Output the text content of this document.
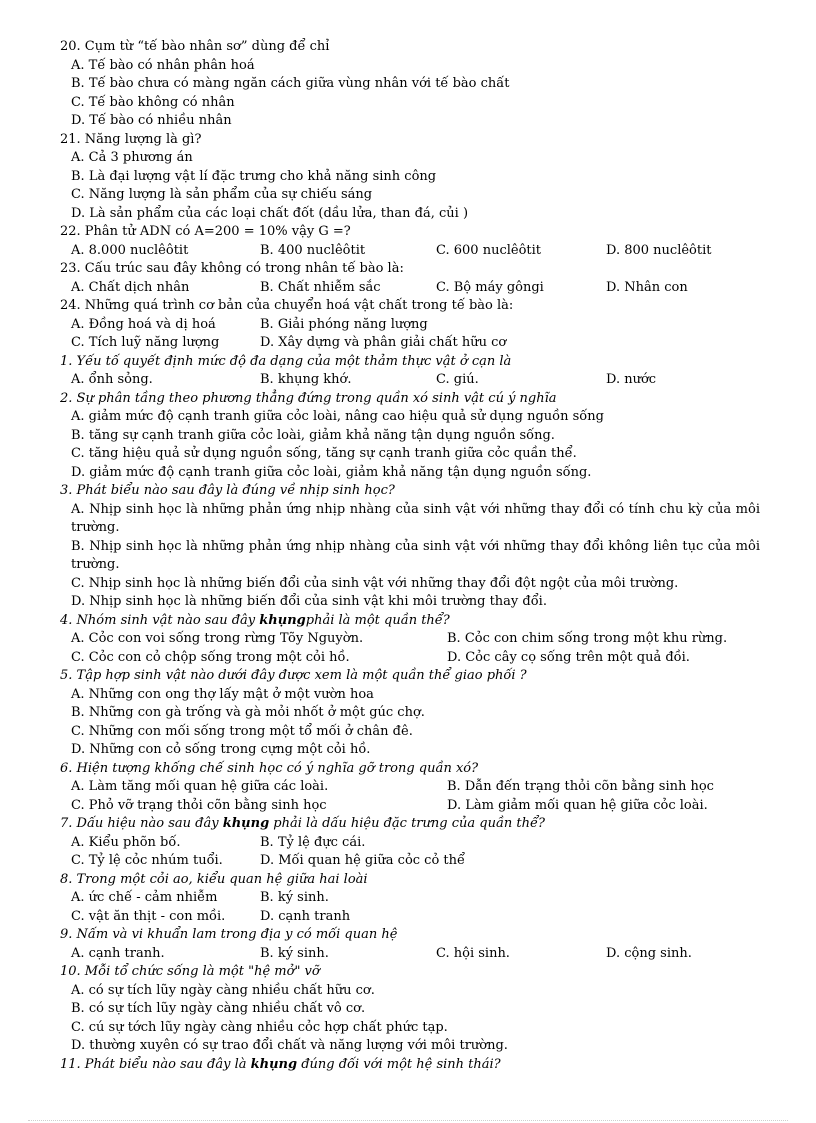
20. Cụm từ “tế bào nhân sơ” dùng để chỉ
A. Tế bào có nhân phân hoá
B. Tế bào chưa có màng ngăn cách giữa vùng nhân với tế bào chất
C. Tế bào không có nhân
D. Tế bào có nhiều nhân
21. Năng lượng là gì?
A. Cả 3 phương án
B. Là đại lượng vật lí đặc trưng cho khả năng sinh công
C. Năng lượng là sản phẩm của sự chiếu sáng
D. Là sản phẩm của các loại chất đốt (dầu lửa, than đá, củi )
22. Phân tử ADN có A=200 = 10% vậy G =?
A. 8.000 nuclêôtit	B. 400 nuclêôtit	C. 600 nuclêôtit	D. 800 nuclêôtit
23. Cấu trúc sau đây không có trong nhân tế bào là:
A. Chất dịch nhân	B. Chất nhiễm sắc	C. Bộ máy gôngi	D. Nhân con
24. Những quá trình cơ bản của chuyển hoá vật chất trong tế bào là:
A. Đồng hoá và dị hoá	B. Giải phóng năng lượng
C. Tích luỹ năng lượng	D. Xây dựng và phân giải chất hữu cơ
1. Yếu tố quyết định mức độ đa dạng của một thảm thực vật ở cạn là
A. ổnh sỏng.	B. khụng khớ.	C. giú.	D. nước
2. Sự phân tầng theo phương thẳng đứng trong quần xó sinh vật cú ý nghĩa
A. giảm mức độ cạnh tranh giữa cỏc loài, nâng cao hiệu quả sử dụng nguồn sống
B. tăng sự cạnh tranh giữa cỏc loài, giảm khả năng tận dụng nguồn sống.
C. tăng hiệu quả sử dụng nguồn sống, tăng sự cạnh tranh giữa cỏc quần thể.
D. giảm mức độ cạnh tranh giữa cỏc loài, giảm khả năng tận dụng nguồn sống.
3. Phát biểu nào sau đây là đúng về nhịp sinh học?
A. Nhịp sinh học là những phản ứng nhịp nhàng của sinh vật với những thay đổi có tính chu kỳ của môi trường.
B. Nhịp sinh học là những phản ứng nhịp nhàng của sinh vật với những thay đổi không liên tục của môi trường.
C. Nhịp sinh học là những biến đổi của sinh vật với những thay đổi đột ngột của môi trường.
D. Nhịp sinh học là những biến đổi của sinh vật khi môi trường thay đổi.
4. Nhóm sinh vật nào sau đây khụngphải là một quần thể?
A. Cỏc con voi sống trong rừng Tõy Nguyờn.	B. Cỏc con chim sống trong một khu rừng.
C. Cỏc con cỏ chộp sống trong một cỏi hồ.	D. Cỏc cây cọ sống trên một quả đồi.
5. Tập hợp sinh vật nào dưới đây được xem là một quần thể giao phối ?
A. Những con ong thợ lấy mật ở một vườn hoa
B. Những con gà trống và gà mỏi nhốt ở một gúc chợ.
C. Những con mối sống trong một tổ mối ở chân đê.
D. Những con cỏ sống trong cựng một cỏi hồ.
6. Hiện tượng khống chế sinh học có ý nghĩa gỡ trong quần xó?
A. Làm tăng mối quan hệ giữa các loài.	B. Dẫn đến trạng thỏi cõn bằng sinh học
C. Phỏ vỡ trạng thỏi cõn bằng sinh học	D. Làm giảm mối quan hệ giữa cỏc loài.
7. Dấu hiệu nào sau đây khụng phải là dấu hiệu đặc trưng của quần thể?
A. Kiểu phõn bố.	B. Tỷ lệ đực cái.
C. Tỷ lệ cỏc nhúm tuổi.	D. Mối quan hệ giữa cỏc cỏ thể
8. Trong một cỏi ao, kiểu quan hệ giữa hai loài
A. ức chế - cảm nhiễm	B. ký sinh.
C. vật ăn thịt - con mồi.	D. cạnh tranh
9. Nấm và vi khuẩn lam trong địa y có mối quan hệ
A. cạnh tranh.	B. ký sinh.	C. hội sinh.	D. cộng sinh.
10. Mỗi tổ chức sống là một "hệ mở" vỡ
A. có sự tích lũy ngày càng nhiều chất hữu cơ.
B. có sự tích lũy ngày càng nhiều chất vô cơ.
C. cú sự tớch lũy ngày càng nhiều cỏc hợp chất phức tạp.
D. thường xuyên có sự trao đổi chất và năng lượng với môi trường.
11. Phát biểu nào sau đây là khụng đúng đối với một hệ sinh thái?
